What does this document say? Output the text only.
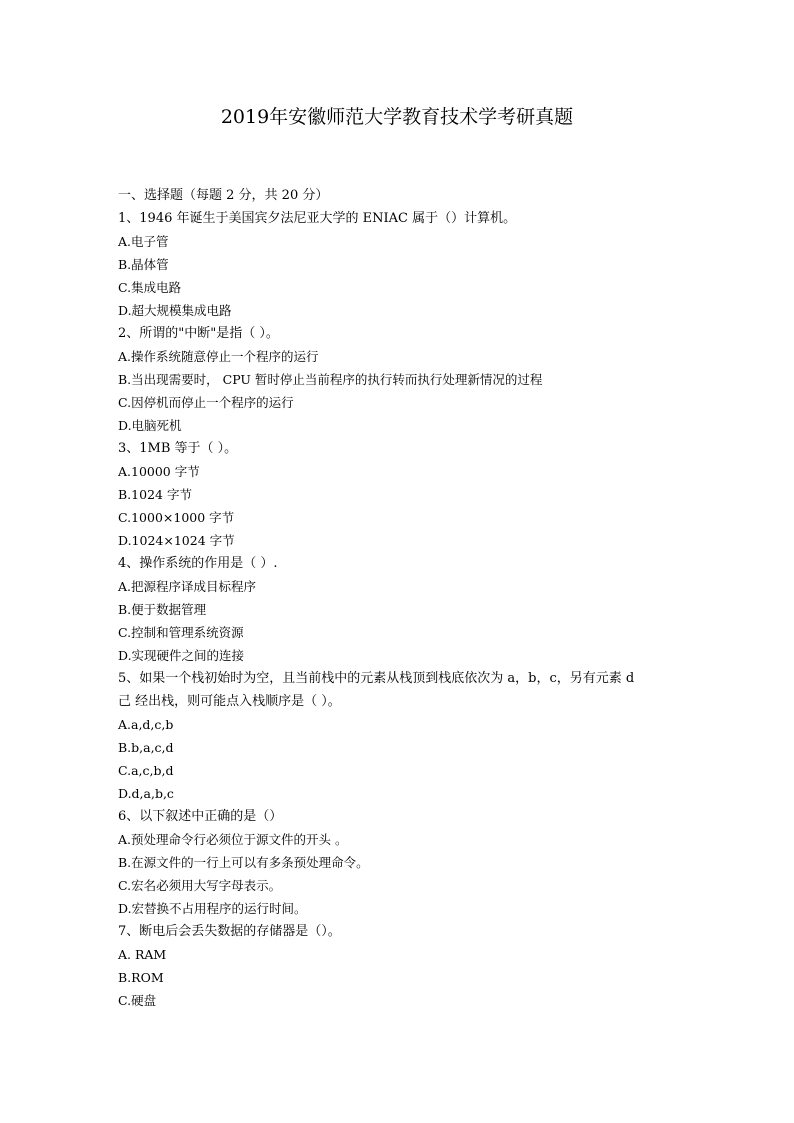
2019年安徽师范大学教育技术学考研真题
一、选择题（每题 2 分，共 20 分）
1、1946 年诞生于美国宾夕法尼亚大学的 ENIAC 属于（）计算机。
A.电子管
B.晶体管
C.集成电路
D.超大规模集成电路
2、所谓的"中断"是指（ ）。
A.操作系统随意停止一个程序的运行
B.当出现需要时， CPU 暂时停止当前程序的执行转而执行处理新情况的过程
C.因停机而停止一个程序的运行
D.电脑死机
3、1MB 等于（ ）。
A.10000 字节
B.1024 字节
C.1000×1000 字节
D.1024×1024 字节
4、操作系统的作用是（ ）.
A.把源程序译成目标程序
B.便于数据管理
C.控制和管理系统资源
D.实现硬件之间的连接
5、如果一个栈初始时为空，且当前栈中的元素从栈顶到栈底依次为 a，b，c，另有元素 d
己 经出栈，则可能点入栈顺序是（ ）。
A.a,d,c,b
B.b,a,c,d
C.a,c,b,d
D.d,a,b,c
6、以下叙述中正确的是（）
A.预处理命令行必须位于源文件的开头 。
B.在源文件的一行上可以有多条预处理命令。
C.宏名必须用大写字母表示。
D.宏替换不占用程序的运行时间。
7、断电后会丢失数据的存储器是（）。
A. RAM
B.ROM
C.硬盘
